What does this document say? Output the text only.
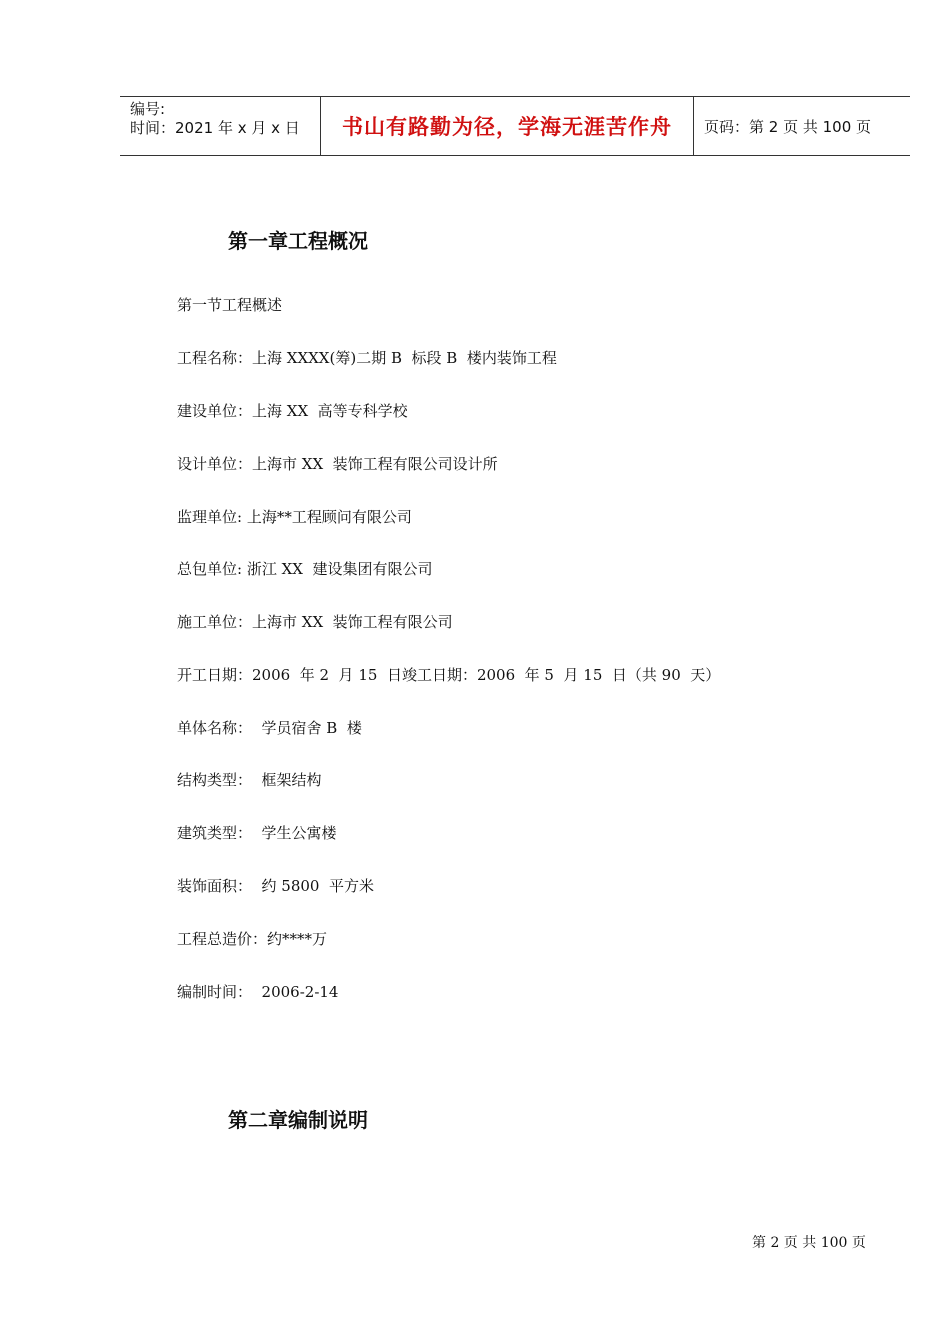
编号:
时间：2021 年 x 月 x 日 书山有路勤为径，学海无涯苦作舟	页码：第 2 页 共 100 页
第一章工程概况
第一节工程概述
工程名称：上海 XXXX(筹)二期 B  标段 B  楼内装饰工程
建设单位：上海 XX  高等专科学校
设计单位：上海市 XX  装饰工程有限公司设计所
监理单位: 上海**工程顾问有限公司
总包单位: 浙江 XX  建设集团有限公司
施工单位：上海市 XX  装饰工程有限公司
开工日期：2006  年 2  月 15  日竣工日期：2006  年 5  月 15  日（共 90  天）
单体名称：  学员宿舍 B  楼
结构类型：  框架结构
建筑类型：  学生公寓楼
装饰面积：  约 5800  平方米
工程总造价：约****万
编制时间：  2006-2-14
第二章编制说明
第 2 页 共 100 页
